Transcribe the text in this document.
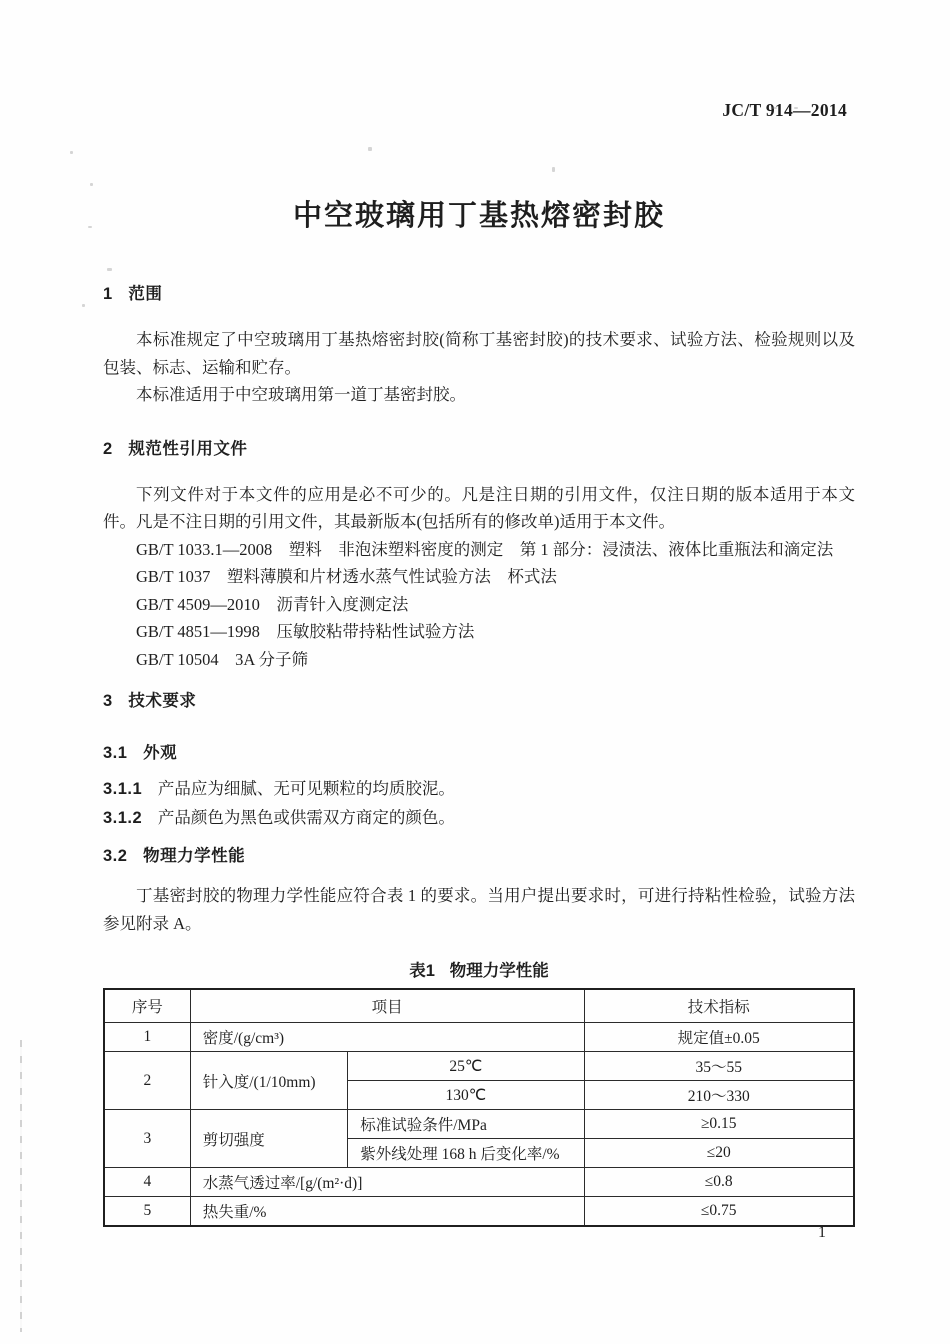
JC/T 914—2014
中空玻璃用丁基热熔密封胶
1 范围

本标准规定了中空玻璃用丁基热熔密封胶(简称丁基密封胶)的技术要求、试验方法、检验规则以及包装、标志、运输和贮存。

本标准适用于中空玻璃用第一道丁基密封胶。

2 规范性引用文件

下列文件对于本文件的应用是必不可少的。凡是注日期的引用文件，仅注日期的版本适用于本文件。凡是不注日期的引用文件，其最新版本(包括所有的修改单)适用于本文件。

GB/T 1033.1—2008　塑料　非泡沫塑料密度的测定　第 1 部分：浸渍法、液体比重瓶法和滴定法
GB/T 1037　塑料薄膜和片材透水蒸气性试验方法　杯式法
GB/T 4509—2010　沥青针入度测定法
GB/T 4851—1998　压敏胶粘带持粘性试验方法
GB/T 10504　3A 分子筛
3 技术要求
3.1 外观

3.1.1 产品应为细腻、无可见颗粒的均质胶泥。

3.1.2 产品颜色为黑色或供需双方商定的颜色。

3.2 物理力学性能

丁基密封胶的物理力学性能应符合表 1 的要求。当用户提出要求时，可进行持粘性检验，试验方法参见附录 A。

表1 物理力学性能
序号	项目		技术指标
1	密度/(g/cm³)		规定值±0.05
2	针入度/(1/10mm)	25℃	35～55
		130℃	210～330
3	剪切强度	标准试验条件/MPa	≥0.15
		紫外线处理 168 h 后变化率/%	≤20
4	水蒸气透过率/[g/(m²·d)]		≤0.8
5	热失重/%		≤0.75
1
